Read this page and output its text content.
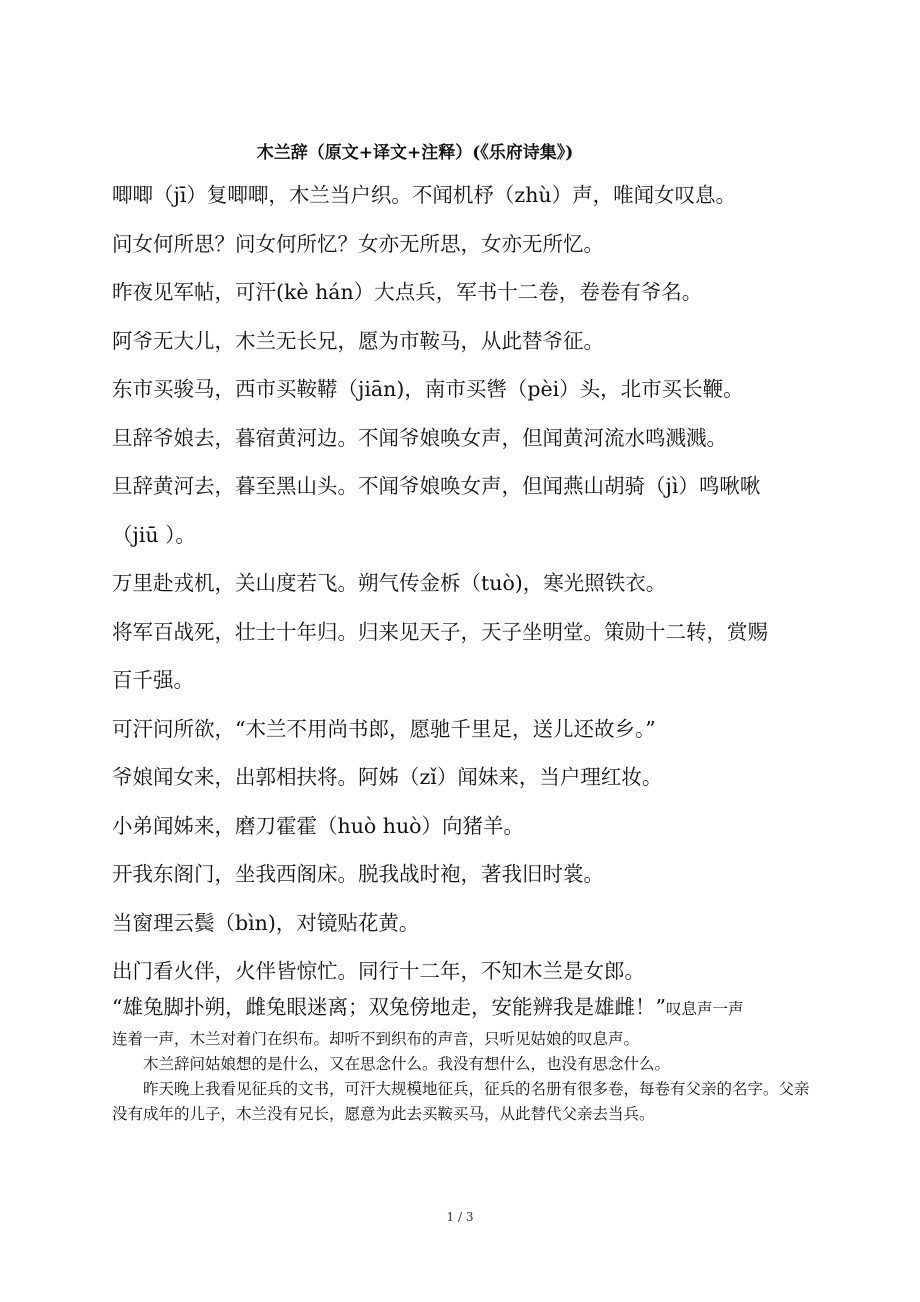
木兰辞（原文+译文+注释）(《乐府诗集》)
唧唧（jī）复唧唧，木兰当户织。不闻机杼（zhù）声，唯闻女叹息。
问女何所思？问女何所忆？女亦无所思，女亦无所忆。
昨夜见军帖，可汗(kè hán）大点兵，军书十二卷，卷卷有爷名。
阿爷无大儿，木兰无长兄，愿为市鞍马，从此替爷征。
东市买骏马，西市买鞍鞯（jiān)，南市买辔（pèi）头，北市买长鞭。
旦辞爷娘去，暮宿黄河边。不闻爷娘唤女声，但闻黄河流水鸣溅溅。
旦辞黄河去，暮至黑山头。不闻爷娘唤女声，但闻燕山胡骑（jì）鸣啾啾
（jiū ）。
万里赴戎机，关山度若飞。朔气传金柝（tuò)，寒光照铁衣。
将军百战死，壮士十年归。归来见天子，天子坐明堂。策勋十二转，赏赐
百千强。
可汗问所欲，“木兰不用尚书郎，愿驰千里足，送儿还故乡。”
爷娘闻女来，出郭相扶将。阿姊（zǐ）闻妹来，当户理红妆。
小弟闻姊来，磨刀霍霍（huò huò）向猪羊。
开我东阁门，坐我西阁床。脱我战时袍，著我旧时裳。
当窗理云鬓（bìn)，对镜贴花黄。
出门看火伴，火伴皆惊忙。同行十二年，不知木兰是女郎。
“雄兔脚扑朔，雌兔眼迷离；双兔傍地走，安能辨我是雄雌！”叹息声一声

连着一声，木兰对着门在织布。却听不到织布的声音，只听见姑娘的叹息声。

木兰辞问姑娘想的是什么，又在思念什么。我没有想什么，也没有思念什么。

昨天晚上我看见征兵的文书，可汗大规模地征兵，征兵的名册有很多卷，每卷有父亲的名字。父亲没有成年的儿子，木兰没有兄长，愿意为此去买鞍买马，从此替代父亲去当兵。

1 / 3
